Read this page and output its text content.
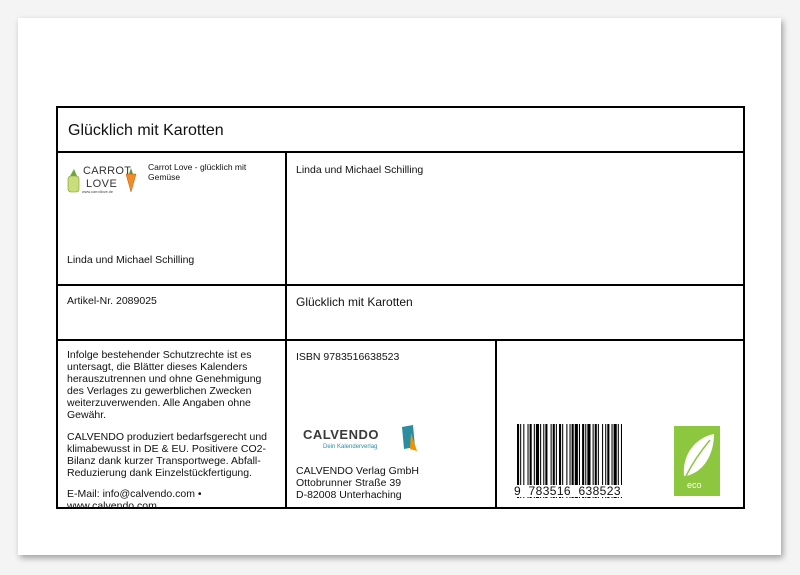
Glücklich mit Karotten
CARROT
LOVE
www.carrotlove.de
Carrot Love - glücklich mit Gemüse
Linda und Michael Schilling
Linda und Michael Schilling
Artikel-Nr. 2089025	Glücklich mit Karotten
Infolge bestehender Schutzrechte ist es untersagt, die Blätter dieses Kalenders herauszutrennen und ohne Genehmigung des Verlages zu gewerblichen Zwecken weiterzuverwenden. Alle Angaben ohne Gewähr.
CALVENDO produziert bedarfsgerecht und klimabewusst in DE & EU. Positivere CO2-Bilanz dank kurzer Transportwege. Abfall-Reduzierung dank Einzelstückfertigung.
E-Mail: info@calvendo.com •
www.calvendo.com
ISBN 9783516638523
CALVENDO
Dein Kalenderverlag
CALVENDO Verlag GmbH
Ottobrunner Straße 39
D-82008 Unterhaching	9  783516  638523	eco
